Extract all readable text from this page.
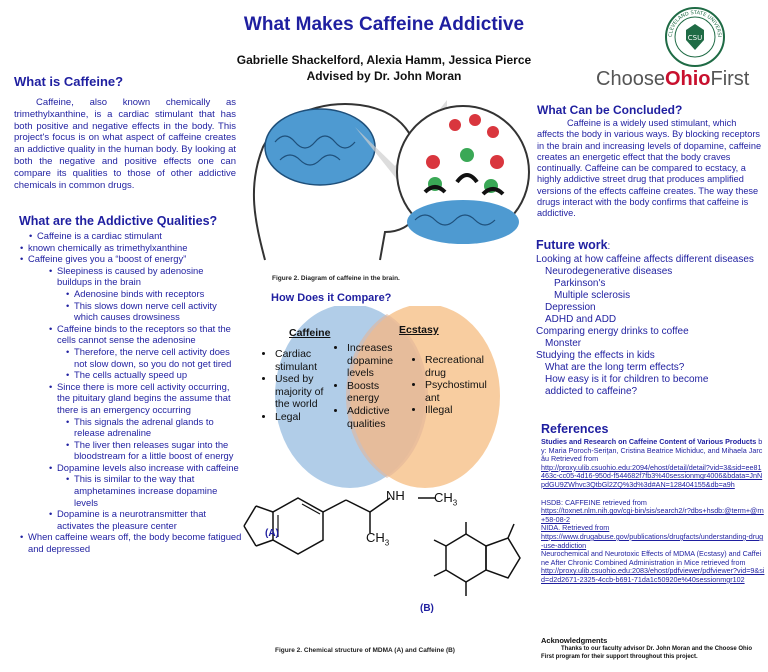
What Makes Caffeine Addictive
Gabrielle Shackelford, Alexia Hamm, Jessica Pierce
Advised by Dr. John Moran
CSU
CLEVELAND STATE UNIVERSI
ChooseOhioFirst
What is Caffeine?
Caffeine, also known chemically as trimethylxanthine, is a cardiac stimulant that has both positive and negative effects in the body. This project's focus is on what aspect of caffeine creates an addictive quality in the human body. By looking at both the negative and positive effects one can compare its qualities to those of other addictive chemicals in common drugs.
What are the Addictive Qualities?
• Caffeine is a cardiac stimulant
• known chemically as trimethylxanthine
• Caffeine gives you a “boost of energy”
• Sleepiness is caused by adenosine buildups in the brain
• Adenosine binds with receptors
• This slows down nerve cell activity which causes drowsiness
• Caffeine binds to the receptors so that the cells cannot sense the adenosine
• Therefore, the nerve cell activity does not slow down, so you do not get tired
• The cells actually speed up
• Since there is more cell activity occurring, the pituitary gland begins the assume that there is an emergency occurring
• This signals the adrenal glands to release adrenaline
• The liver then releases sugar into the bloodstream for a little boost of energy
• Dopamine levels also increase with caffeine
• This is similar to the way that amphetamines increase dopamine levels
• Dopamine is a neurotransmitter that activates the pleasure center
• When caffeine wears off, the body become fatigued and depressed
Figure 2. Diagram of caffeine in the brain.
How Does it Compare?
Caffeine	Ecstasy
• Cardiac stimulant
• Used by majority of the world
• Legal
• Increases dopamine levels
• Boosts energy
• Addictive qualities
• Recreational drug
• Psychostimul ant
• Illegal
NH $CH_3$
$CH_3$
(A)
(B)
Figure 2. Chemical structure of MDMA (A) and Caffeine (B)
What Can be Concluded?
Caffeine is a widely used stimulant, which affects the body in various ways. By blocking receptors in the brain and increasing levels of dopamine, caffeine creates an energetic effect that the body craves continually. Caffeine can be compared to ecstacy, a highly addictive street drug that produces amplified versions of the effects caffeine creates. The way these drugs interact with the body confirms that caffeine is addictive.
Future work:
Looking at how caffeine affects different diseases
Neurodegenerative diseases
Parkinson's
Multiple sclerosis
Depression
ADHD and ADD
Comparing energy drinks to coffee
Monster
Studying the effects in kids
What are the long term effects?
How easy is it for children to become addicted to caffeine?
References
Studies and Research on Caffeine Content of Various Products by: Maria Poroch-Seriţan, Cristina Beatrice Michiduc, and Mihaela Jarcău Retrieved from
http://proxy.ulib.csuohio.edu:2094/ehost/detail/detail?vid=3&sid=ee81463c-cc05-4d16-950d-f544682f7fb3%40sessionmgr4006&bdata=JnNpdGU9ZWhvc3QtbGl2ZQ%3d%3d#AN=128404155&db=a9h
HSDB: CAFFEINE retrieved from
https://toxnet.nlm.nih.gov/cgi-bin/sis/search2/r?dbs+hsdb:@term+@rn+58-08-2
NIDA. Retrieved from
https://www.drugabuse.gov/publications/drugfacts/understanding-drug-use-addiction
Neurochemical and Neurotoxic Effects of MDMA (Ecstasy) and Caffeine After Chronic Combined Administration in Mice retrieved from
http://proxy.ulib.csuohio.edu:2083/ehost/pdfviewer/pdfviewer?vid=9&sid=d2d2671-2325-4ccb-b691-71da1c50920e%40sessionmgr102
Acknowledgments
Thanks to our faculty advisor Dr. John Moran and the Choose Ohio First program for their support throughout this project.
